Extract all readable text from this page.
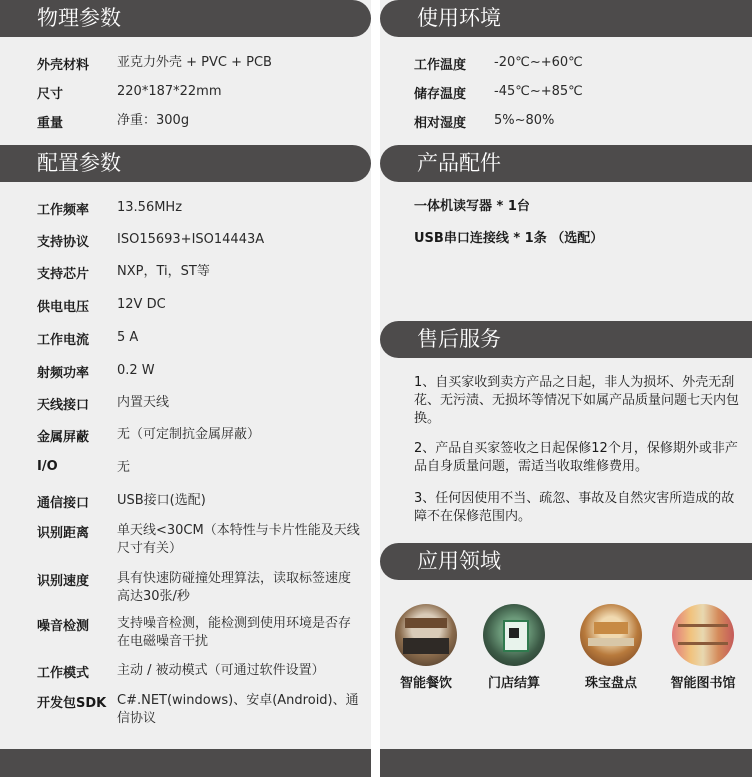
物理参数
外壳材料 亚克力外壳 + PVC + PCB
尺寸	220*187*22mm
重量	净重：300g
配置参数
工作频率 13.56MHz
支持协议 ISO15693+ISO14443A
支持芯片 NXP，Ti，ST等
供电电压 12V DC
工作电流 5 A
射频功率 0.2 W
天线接口 内置天线
金属屏蔽 无（可定制抗金属屏蔽）
I/O	无
通信接口 USB接口(选配)
识别距离 单天线<30CM（本特性与卡片性能及天线尺寸有关）
识别速度 具有快速防碰撞处理算法，读取标签速度高达30张/秒
噪音检测 支持噪音检测，能检测到使用环境是否存在电磁噪音干扰
工作模式 主动 / 被动模式（可通过软件设置）
开发包SDK C#.NET(windows)、安卓(Android)、通信协议
使用环境
工作温度 -20℃~+60℃
储存温度 -45℃~+85℃
相对湿度 5%~80%
产品配件
一体机读写器 * 1台
USB串口连接线 * 1条 （选配）
售后服务
1、自买家收到卖方产品之日起，非人为损坏、外壳无刮花、无污渍、无损坏等情况下如属产品质量问题七天内包换。
2、产品自买家签收之日起保修12个月，保修期外或非产品自身质量问题，需适当收取维修费用。
3、任何因使用不当、疏忽、事故及自然灾害所造成的故障不在保修范围内。
应用领域
智能餐饮	门店结算	珠宝盘点	智能图书馆
